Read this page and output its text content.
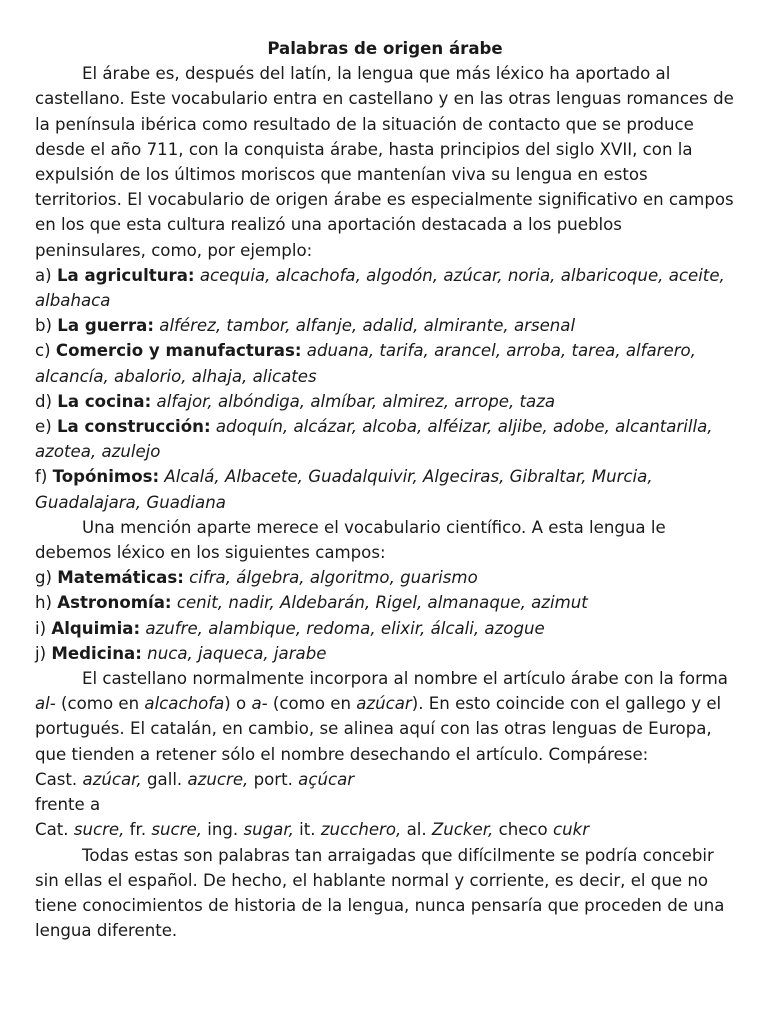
Palabras de origen árabe

El árabe es, después del latín, la lengua que más léxico ha aportado al castellano. Este vocabulario entra en castellano y en las otras lenguas romances de la península ibérica como resultado de la situación de contacto que se produce desde el año 711, con la conquista árabe, hasta principios del siglo XVII, con la expulsión de los últimos moriscos que mantenían viva su lengua en estos territorios. El vocabulario de origen árabe es especialmente significativo en campos en los que esta cultura realizó una aportación destacada a los pueblos peninsulares, como, por ejemplo:

a) La agricultura: acequia, alcachofa, algodón, azúcar, noria, albaricoque, aceite, albahaca
b) La guerra: alférez, tambor, alfanje, adalid, almirante, arsenal
c) Comercio y manufacturas: aduana, tarifa, arancel, arroba, tarea, alfarero, alcancía, abalorio, alhaja, alicates
d) La cocina: alfajor, albóndiga, almíbar, almirez, arrope, taza
e) La construcción: adoquín, alcázar, alcoba, alféizar, aljibe, adobe, alcantarilla, azotea, azulejo
f) Topónimos: Alcalá, Albacete, Guadalquivir, Algeciras, Gibraltar, Murcia, Guadalajara, Guadiana

Una mención aparte merece el vocabulario científico. A esta lengua le debemos léxico en los siguientes campos:

g) Matemáticas: cifra, álgebra, algoritmo, guarismo
h) Astronomía: cenit, nadir, Aldebarán, Rigel, almanaque, azimut
i) Alquimia: azufre, alambique, redoma, elixir, álcali, azogue
j) Medicina: nuca, jaqueca, jarabe

El castellano normalmente incorpora al nombre el artículo árabe con la forma al- (como en alcachofa) o a- (como en azúcar). En esto coincide con el gallego y el portugués. El catalán, en cambio, se alinea aquí con las otras lenguas de Europa, que tienden a retener sólo el nombre desechando el artículo. Compárese:

Cast. azúcar, gall. azucre, port. açúcar
frente a
Cat. sucre, fr. sucre, ing. sugar, it. zucchero, al. Zucker, checo cukr

Todas estas son palabras tan arraigadas que difícilmente se podría concebir sin ellas el español. De hecho, el hablante normal y corriente, es decir, el que no tiene conocimientos de historia de la lengua, nunca pensaría que proceden de una lengua diferente.
